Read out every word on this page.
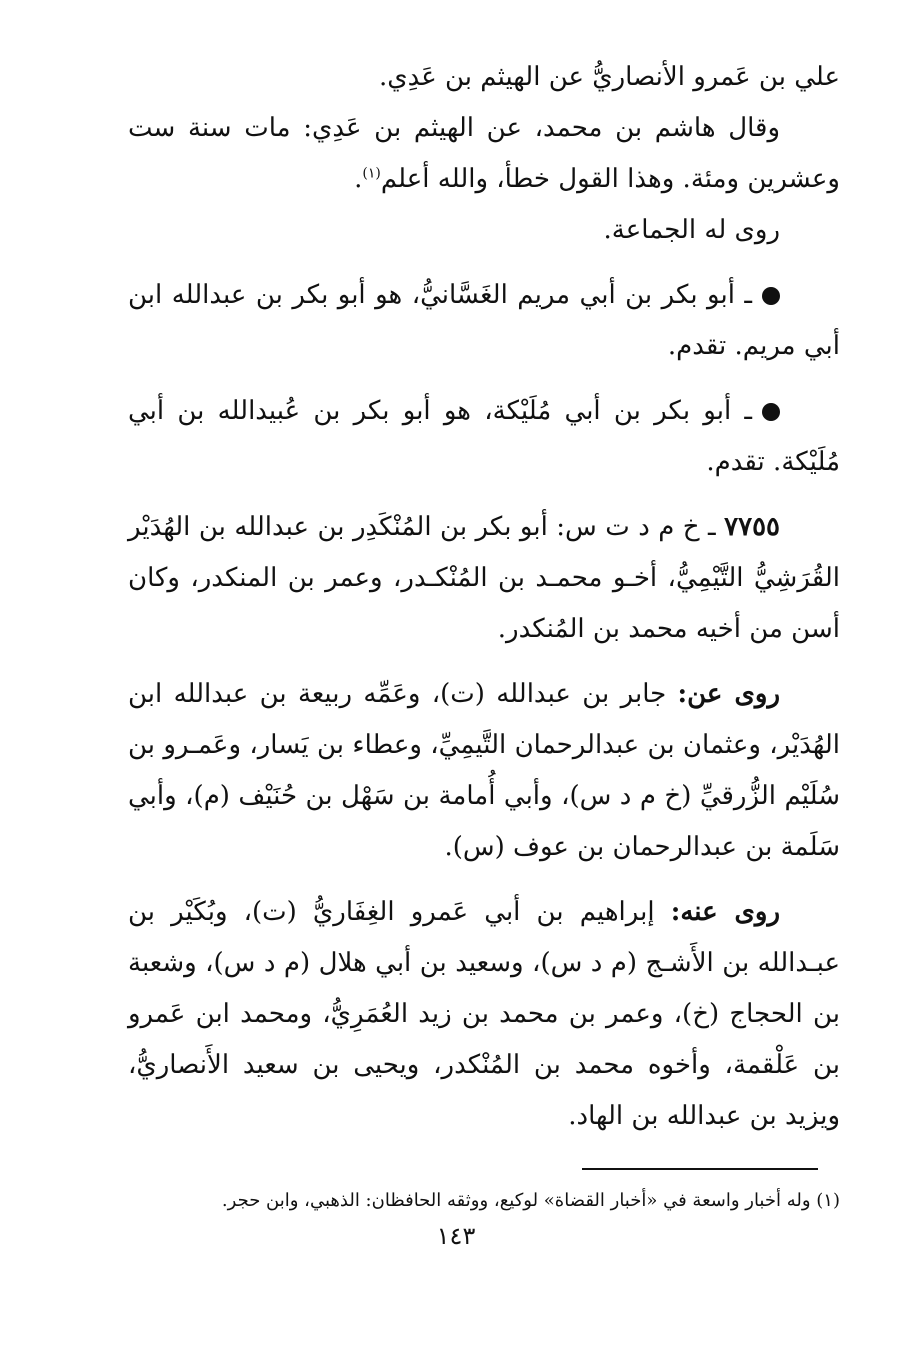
علي بن عَمرو الأنصاريُّ عن الهيثم بن عَدِي.

وقال هاشم بن محمد، عن الهيثم بن عَدِي: مات سنة ست وعشرين ومئة. وهذا القول خطأ، والله أعلم$^{(١)}$.

روى له الجماعة.

ـ أبو بكر بن أبي مريم الغَسَّانيُّ، هو أبو بكر بن عبدالله ابن أبي مريم. تقدم.

ـ أبو بكر بن أبي مُلَيْكة، هو أبو بكر بن عُبيدالله بن أبي مُلَيْكة. تقدم.

٧٧٥٥ ـ خ م د ت س: أبو بكر بن المُنْكَدِر بن عبدالله بن الهُدَيْر القُرَشِيُّ التَّيْمِيُّ، أخـو محمـد بن المُنْكـدر، وعمر بن المنكدر، وكان أسن من أخيه محمد بن المُنكدر.

روى عن: جابر بن عبدالله (ت)، وعَمِّه ربيعة بن عبدالله ابن الهُدَيْر، وعثمان بن عبدالرحمان التَّيمِيِّ، وعطاء بن يَسار، وعَمـرو بن سُلَيْم الزُّرقيِّ (خ م د س)، وأبي أُمامة بن سَهْل بن حُنَيْف (م)، وأبي سَلَمة بن عبدالرحمان بن عوف (س).

روى عنه: إبراهيم بن أبي عَمرو الغِفَاريُّ (ت)، وبُكَيْر بن عبـدالله بن الأَشـج (م د س)، وسعيد بن أبي هلال (م د س)، وشعبة بن الحجاج (خ)، وعمر بن محمد بن زيد العُمَرِيُّ، ومحمد ابن عَمرو بن عَلْقمة، وأخوه محمد بن المُنْكدر، ويحيى بن سعيد الأَنصاريُّ، ويزيد بن عبدالله بن الهاد.

(١) وله أخبار واسعة في «أخبار القضاة» لوكيع، ووثقه الحافظان: الذهبي، وابن حجر.
١٤٣
